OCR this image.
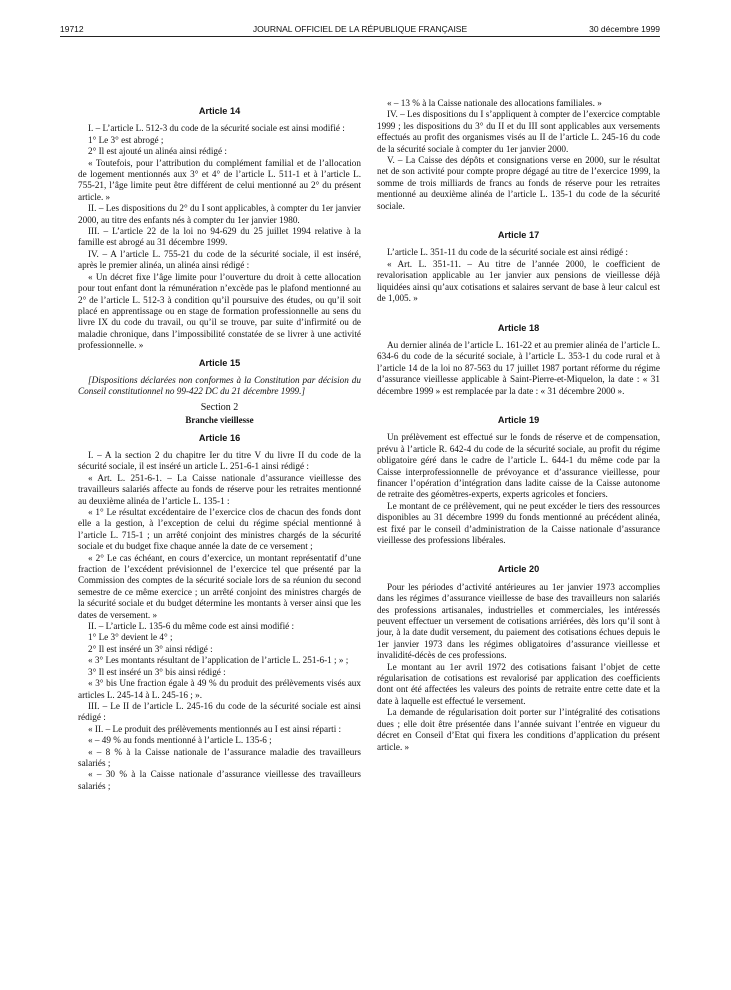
19712	JOURNAL OFFICIEL DE LA RÉPUBLIQUE FRANÇAISE	30 décembre 1999
Article 14

I. – L’article L. 512-3 du code de la sécurité sociale est ainsi modifié :

1° Le 3° est abrogé ;

2° Il est ajouté un alinéa ainsi rédigé :

« Toutefois, pour l’attribution du complément familial et de l’allocation de logement mentionnés aux 3° et 4° de l’article L. 511-1 et à l’article L. 755-21, l’âge limite peut être différent de celui mentionné au 2° du présent article. »

II. – Les dispositions du 2° du I sont applicables, à compter du 1er janvier 2000, au titre des enfants nés à compter du 1er janvier 1980.

III. – L’article 22 de la loi no 94-629 du 25 juillet 1994 relative à la famille est abrogé au 31 décembre 1999.

IV. – A l’article L. 755-21 du code de la sécurité sociale, il est inséré, après le premier alinéa, un alinéa ainsi rédigé :

« Un décret fixe l’âge limite pour l’ouverture du droit à cette allocation pour tout enfant dont la rémunération n’excède pas le plafond mentionné au 2° de l’article L. 512-3 à condition qu’il poursuive des études, ou qu’il soit placé en apprentissage ou en stage de formation professionnelle au sens du livre IX du code du travail, ou qu’il se trouve, par suite d’infirmité ou de maladie chronique, dans l’impossibilité constatée de se livrer à une activité professionnelle. »

Article 15

[Dispositions déclarées non conformes à la Constitution par décision du Conseil constitutionnel no 99-422 DC du 21 décembre 1999.]

Section 2
Branche vieillesse
Article 16

I. – A la section 2 du chapitre Ier du titre V du livre II du code de la sécurité sociale, il est inséré un article L. 251-6-1 ainsi rédigé :

« Art. L. 251-6-1. – La Caisse nationale d’assurance vieillesse des travailleurs salariés affecte au fonds de réserve pour les retraites mentionné au deuxième alinéa de l’article L. 135-1 :

« 1° Le résultat excédentaire de l’exercice clos de chacun des fonds dont elle a la gestion, à l’exception de celui du régime spécial mentionné à l’article L. 715-1 ; un arrêté conjoint des ministres chargés de la sécurité sociale et du budget fixe chaque année la date de ce versement ;

« 2° Le cas échéant, en cours d’exercice, un montant représentatif d’une fraction de l’excédent prévisionnel de l’exercice tel que présenté par la Commission des comptes de la sécurité sociale lors de sa réunion du second semestre de ce même exercice ; un arrêté conjoint des ministres chargés de la sécurité sociale et du budget détermine les montants à verser ainsi que les dates de versement. »

II. – L’article L. 135-6 du même code est ainsi modifié :

1° Le 3° devient le 4° ;

2° Il est inséré un 3° ainsi rédigé :

« 3° Les montants résultant de l’application de l’article L. 251-6-1 ; » ;

3° Il est inséré un 3° bis ainsi rédigé :

« 3° bis Une fraction égale à 49 % du produit des prélèvements visés aux articles L. 245-14 à L. 245-16 ; ».

III. – Le II de l’article L. 245-16 du code de la sécurité sociale est ainsi rédigé :

« II. – Le produit des prélèvements mentionnés au I est ainsi réparti :

« – 49 % au fonds mentionné à l’article L. 135-6 ;

« – 8 % à la Caisse nationale de l’assurance maladie des travailleurs salariés ;

« – 30 % à la Caisse nationale d’assurance vieillesse des travailleurs salariés ;

« – 13 % à la Caisse nationale des allocations familiales. »

IV. – Les dispositions du I s’appliquent à compter de l’exercice comptable 1999 ; les dispositions du 3° du II et du III sont applicables aux versements effectués au profit des organismes visés au II de l’article L. 245-16 du code de la sécurité sociale à compter du 1er janvier 2000.

V. – La Caisse des dépôts et consignations verse en 2000, sur le résultat net de son activité pour compte propre dégagé au titre de l’exercice 1999, la somme de trois milliards de francs au fonds de réserve pour les retraites mentionné au deuxième alinéa de l’article L. 135-1 du code de la sécurité sociale.

Article 17

L’article L. 351-11 du code de la sécurité sociale est ainsi rédigé :

« Art. L. 351-11. – Au titre de l’année 2000, le coefficient de revalorisation applicable au 1er janvier aux pensions de vieillesse déjà liquidées ainsi qu’aux cotisations et salaires servant de base à leur calcul est de 1,005. »

Article 18

Au dernier alinéa de l’article L. 161-22 et au premier alinéa de l’article L. 634-6 du code de la sécurité sociale, à l’article L. 353-1 du code rural et à l’article 14 de la loi no 87-563 du 17 juillet 1987 portant réforme du régime d’assurance vieillesse applicable à Saint-Pierre-et-Miquelon, la date : « 31 décembre 1999 » est remplacée par la date : « 31 décembre 2000 ».

Article 19

Un prélèvement est effectué sur le fonds de réserve et de compensation, prévu à l’article R. 642-4 du code de la sécurité sociale, au profit du régime obligatoire géré dans le cadre de l’article L. 644-1 du même code par la Caisse interprofessionnelle de prévoyance et d’assurance vieillesse, pour financer l’opération d’intégration dans ladite caisse de la Caisse autonome de retraite des géomètres-experts, experts agricoles et fonciers.

Le montant de ce prélèvement, qui ne peut excéder le tiers des ressources disponibles au 31 décembre 1999 du fonds mentionné au précédent alinéa, est fixé par le conseil d’administration de la Caisse nationale d’assurance vieillesse des professions libérales.

Article 20

Pour les périodes d’activité antérieures au 1er janvier 1973 accomplies dans les régimes d’assurance vieillesse de base des travailleurs non salariés des professions artisanales, industrielles et commerciales, les intéressés peuvent effectuer un versement de cotisations arriérées, dès lors qu’il sont à jour, à la date dudit versement, du paiement des cotisations échues depuis le 1er janvier 1973 dans les régimes obligatoires d’assurance vieillesse et invalidité-décès de ces professions.

Le montant au 1er avril 1972 des cotisations faisant l’objet de cette régularisation de cotisations est revalorisé par application des coefficients dont ont été affectées les valeurs des points de retraite entre cette date et la date à laquelle est effectué le versement.

La demande de régularisation doit porter sur l’intégralité des cotisations dues ; elle doit être présentée dans l’année suivant l’entrée en vigueur du décret en Conseil d’Etat qui fixera les conditions d’application du présent article. »
